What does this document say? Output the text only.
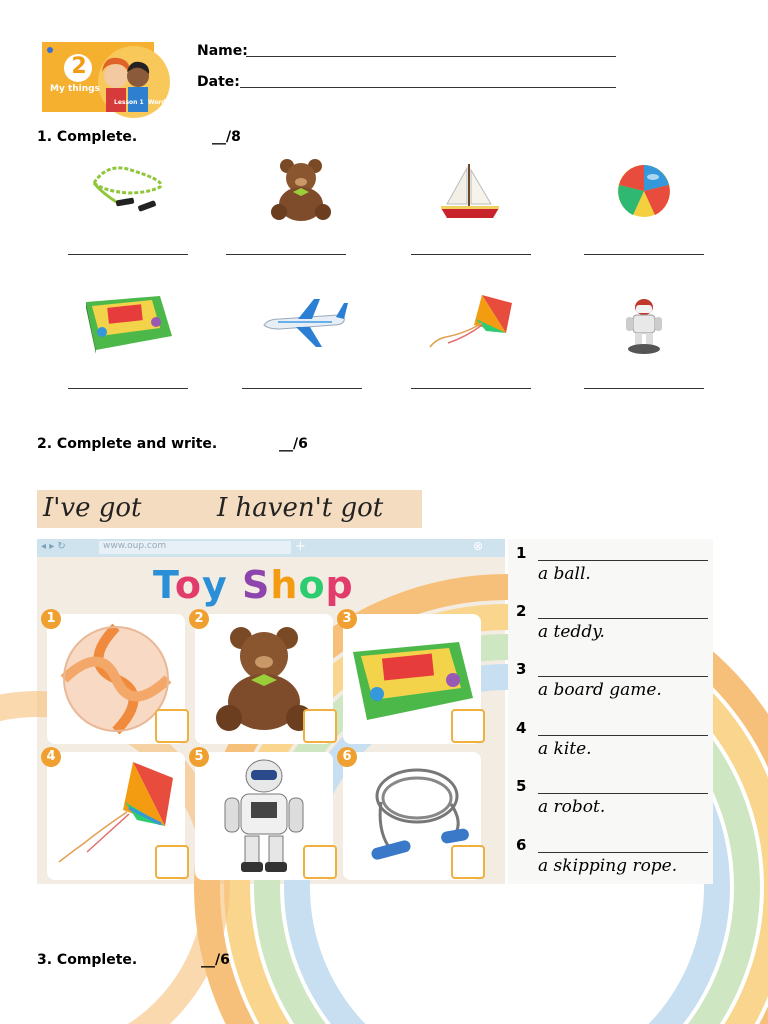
2
My things
Lesson 1  Words
Name:
Date:
1. Complete.	__/8
2. Complete and write.	__/6
I've got	I haven't got
◂ ▸ ↻	www.oup.com	+	⊗
Toy Shop
1	2	3
4	5	6
1
a ball.
2
a teddy.
3
a board game.
4
a kite.
5
a robot.
6
a skipping rope.
3. Complete.	__/6
